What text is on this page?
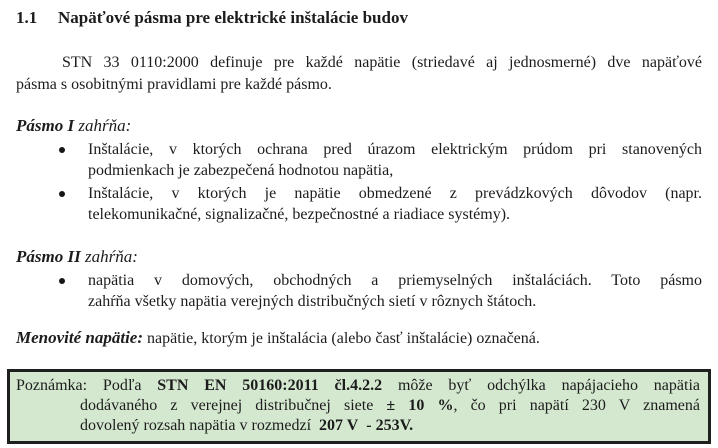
1.1	Napäťové pásma pre elektrické inštalácie budov
STN 33 0110:2000 definuje pre každé napätie (striedavé aj jednosmerné) dve napäťové
pásma s osobitnými pravidlami pre každé pásmo.
Pásmo I zahŕňa:
Inštalácie, v ktorých ochrana pred úrazom elektrickým prúdom pri stanovených
podmienkach je zabezpečená hodnotou napätia,
Inštalácie, v ktorých je napätie obmedzené z prevádzkových dôvodov (napr.
telekomunikačné, signalizačné, bezpečnostné a riadiace systémy).
Pásmo II zahŕňa:
napätia v domových, obchodných a priemyselných inštaláciách. Toto pásmo
zahŕňa všetky napätia verejných distribučných sietí v rôznych štátoch.
Menovité napätie: napätie, ktorým je inštalácia (alebo časť inštalácie) označená.
Poznámka: Podľa STN EN 50160:2011 čl.4.2.2 môže byť odchýlka napájacieho napätia
dodávaného z verejnej distribučnej siete ± 10 %, čo pri napätí 230 V znamená
dovolený rozsah napätia v rozmedzí  207 V  - 253V.
